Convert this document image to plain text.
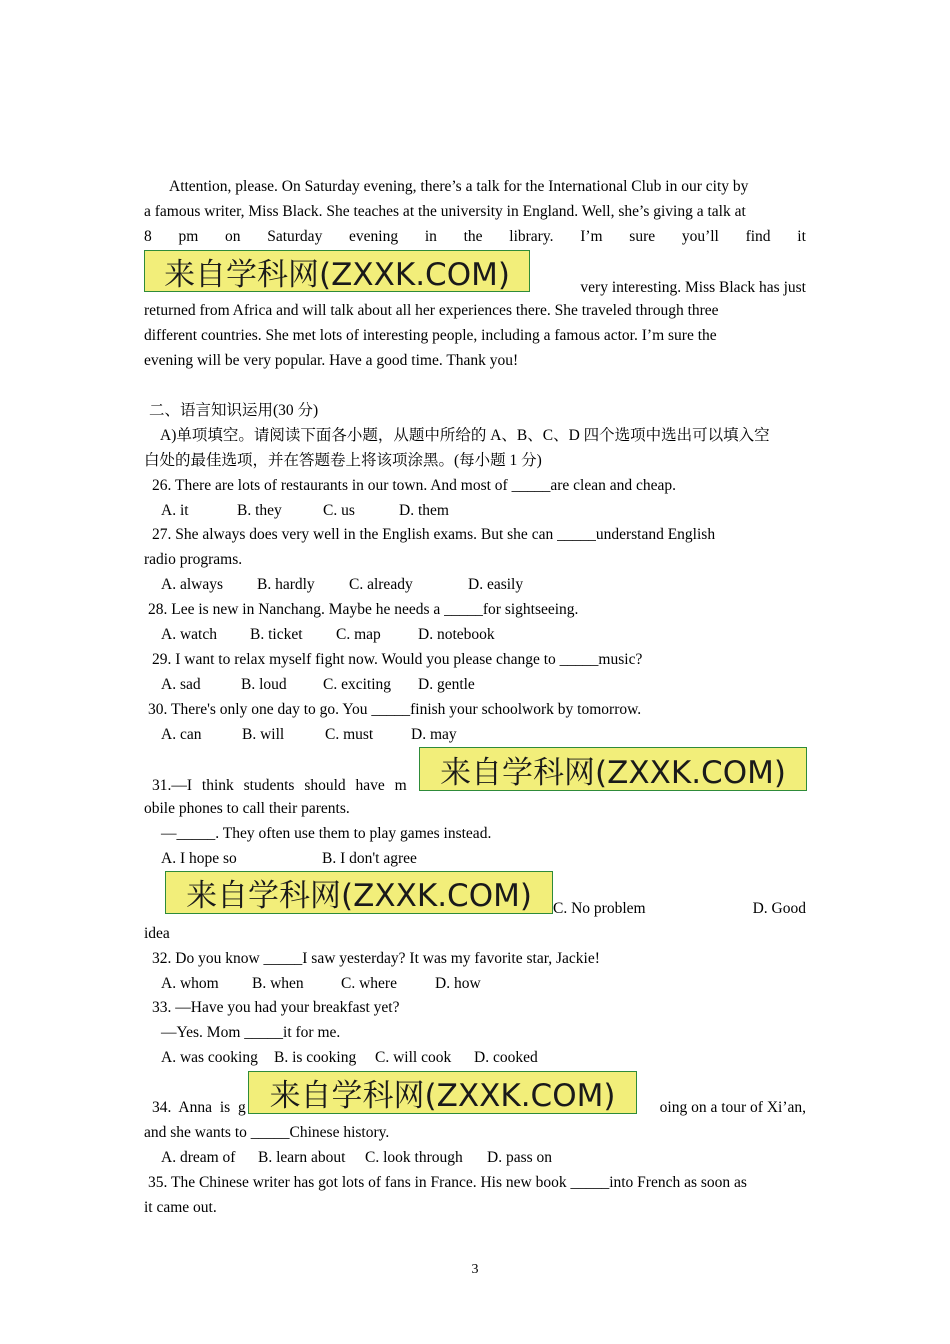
Attention, please. On Saturday evening, there’s a talk for the International Club in our city by
a famous writer, Miss Black. She teaches at the university in England. Well, she’s giving a talk at
8 pm on Saturday evening in the library. I’m sure you’ll find it
来自学科网(ZXXK.COM)	very interesting. Miss Black has just
returned from Africa and will talk about all her experiences there. She traveled through three
different countries. She met lots of interesting people, including a famous actor. I’m sure the
evening will be very popular. Have a good time. Thank you!
二、语言知识运用(30 分)
A)单项填空。请阅读下面各小题，从题中所给的 A、B、C、D 四个选项中选出可以填入空
白处的最佳选项，并在答题卷上将该项涂黑。(每小题 1 分)
26. There are lots of restaurants in our town. And most of _____are clean and cheap.
A. it	B. they	C. us	D. them
27. She always does very well in the English exams. But she can _____understand English
radio programs.
A. always B. hardly C. already	D. easily
28. Lee is new in Nanchang. Maybe he needs a _____for sightseeing.
A. watch B. ticket C. map D. notebook
29. I want to relax myself fight now. Would you please change to _____music?
A. sad	B. loud C. exciting D. gentle
30. There's only one day to go. You _____finish your schoolwork by tomorrow.
A. can	B. will	C. must D. may
31.—I think students should have m	来自学科网(ZXXK.COM)
obile phones to call their parents.
—_____. They often use them to play games instead.
A. I hope so	B. I don't agree
来自学科网(ZXXK.COM)	C. No problem	D. Good
idea
32. Do you know _____I saw yesterday? It was my favorite star, Jackie!
A. whom B. when C. where D. how
33. —Have you had your breakfast yet?
—Yes. Mom _____it for me.
A. was cooking B. is cooking C. will cook D. cooked
34. Anna is g 来自学科网(ZXXK.COM)	oing on a tour of Xi’an,
and she wants to _____Chinese history.
A. dream of B. learn about C. look through D. pass on
35. The Chinese writer has got lots of fans in France. His new book _____into French as soon as
it came out.
3
